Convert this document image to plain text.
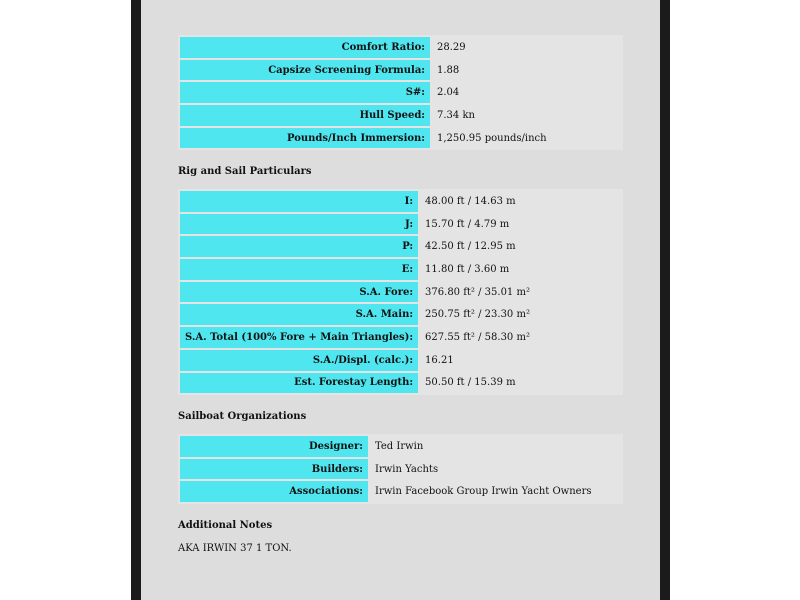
Comfort Ratio:	28.29
Capsize Screening Formula:	1.88
S#:	2.04
Hull Speed:	7.34 kn
Pounds/Inch Immersion:	1,250.95 pounds/inch
Rig and Sail Particulars
I:	48.00 ft / 14.63 m
J:	15.70 ft / 4.79 m
P:	42.50 ft / 12.95 m
E:	11.80 ft / 3.60 m
S.A. Fore:	376.80 ft² / 35.01 m²
S.A. Main:	250.75 ft² / 23.30 m²
S.A. Total (100% Fore + Main Triangles):	627.55 ft² / 58.30 m²
S.A./Displ. (calc.):	16.21
Est. Forestay Length:	50.50 ft / 15.39 m
Sailboat Organizations
Designer:	Ted Irwin
Builders:	Irwin Yachts
Associations:	Irwin Facebook Group Irwin Yacht Owners
Additional Notes

AKA IRWIN 37 1 TON.
